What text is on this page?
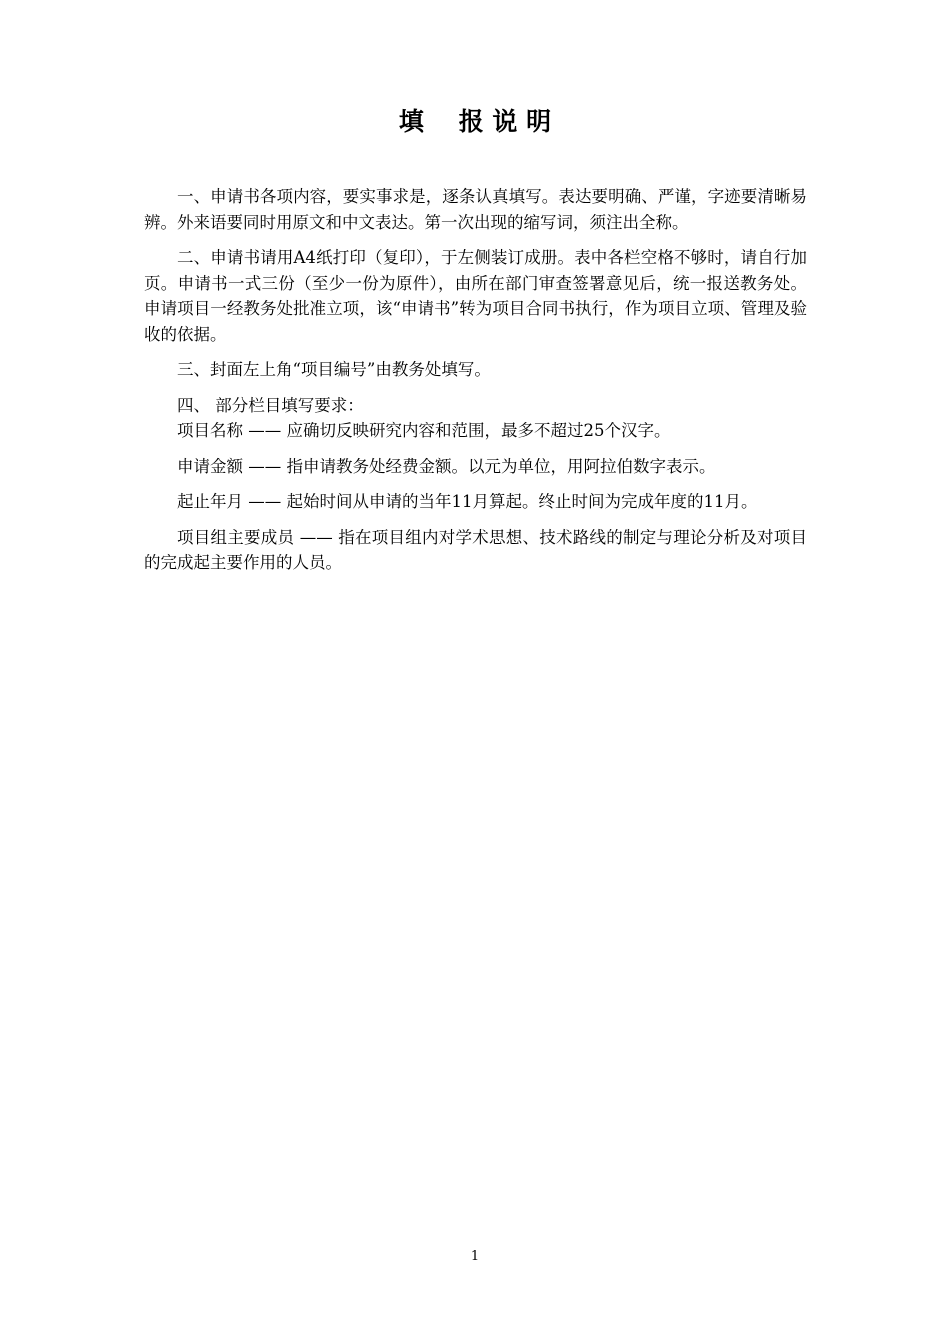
填    报 说 明

一、申请书各项内容，要实事求是，逐条认真填写。表达要明确、严谨，字迹要清晰易辨。外来语要同时用原文和中文表达。第一次出现的缩写词，须注出全称。

二、申请书请用A4纸打印（复印），于左侧装订成册。表中各栏空格不够时，请自行加页。申请书一式三份（至少一份为原件），由所在部门审查签署意见后，统一报送教务处。申请项目一经教务处批准立项，该“申请书”转为项目合同书执行，作为项目立项、管理及验收的依据。

三、封面左上角“项目编号”由教务处填写。

四、 部分栏目填写要求：

项目名称 —— 应确切反映研究内容和范围，最多不超过25个汉字。

申请金额 —— 指申请教务处经费金额。以元为单位，用阿拉伯数字表示。

起止年月 —— 起始时间从申请的当年11月算起。终止时间为完成年度的11月。

项目组主要成员 —— 指在项目组内对学术思想、技术路线的制定与理论分析及对项目的完成起主要作用的人员。

1
